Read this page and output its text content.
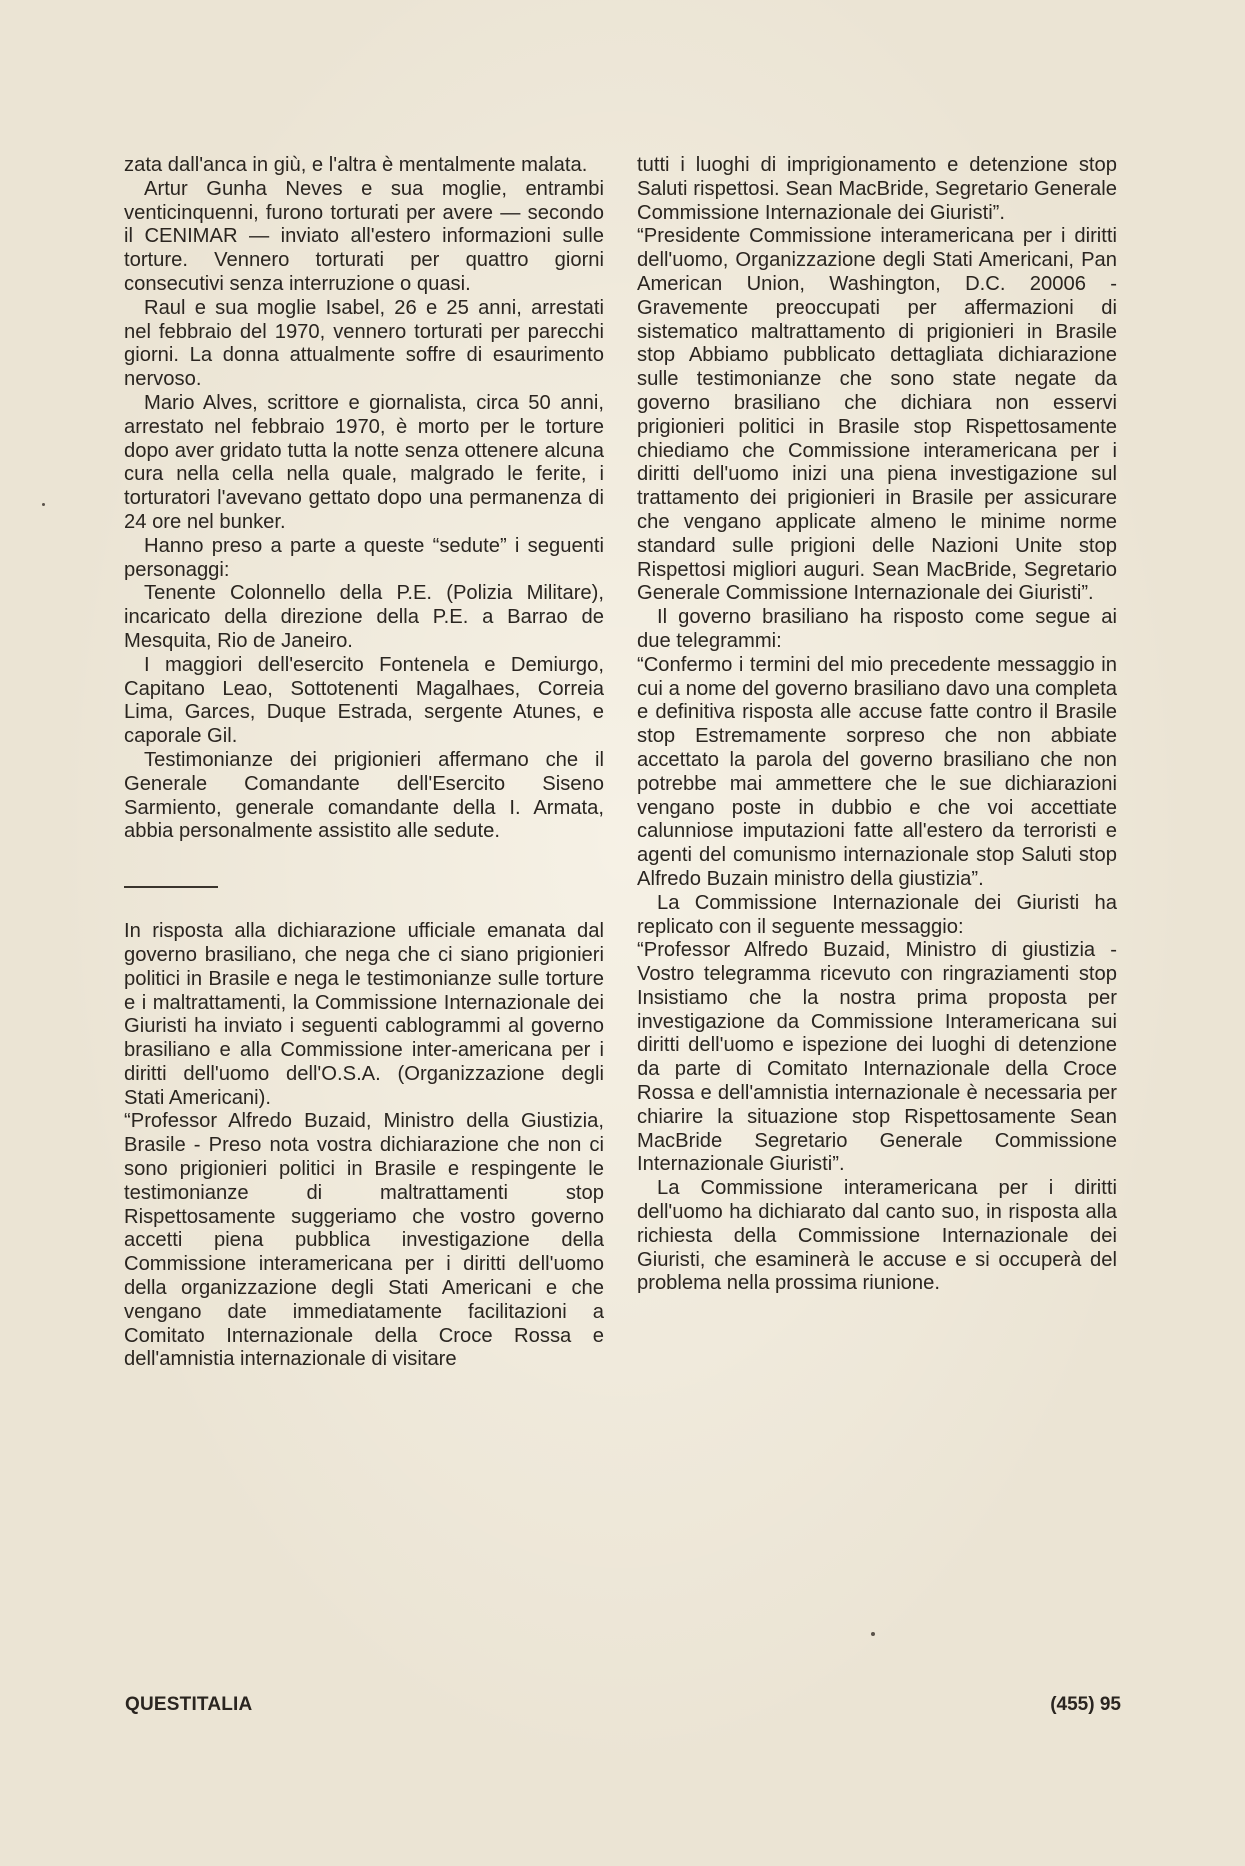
zata dall'anca in giù, e l'altra è mentalmente malata.

Artur Gunha Neves e sua moglie, entrambi venticinquenni, furono torturati per avere — secondo il CENIMAR — inviato all'estero informazioni sulle torture. Vennero torturati per quattro giorni consecutivi senza interruzione o quasi.

Raul e sua moglie Isabel, 26 e 25 anni, arrestati nel febbraio del 1970, vennero torturati per parecchi giorni. La donna attualmente soffre di esaurimento nervoso.

Mario Alves, scrittore e giornalista, circa 50 anni, arrestato nel febbraio 1970, è morto per le torture dopo aver gridato tutta la notte senza ottenere alcuna cura nella cella nella quale, malgrado le ferite, i torturatori l'avevano gettato dopo una permanenza di 24 ore nel bunker.

Hanno preso a parte a queste “sedute” i seguenti personaggi:

Tenente Colonnello della P.E. (Polizia Militare), incaricato della direzione della P.E. a Barrao de Mesquita, Rio de Janeiro.

I maggiori dell'esercito Fontenela e Demiurgo, Capitano Leao, Sottotenenti Magalhaes, Correia Lima, Garces, Duque Estrada, sergente Atunes, e caporale Gil.

Testimonianze dei prigionieri affermano che il Generale Comandante dell'Esercito Siseno Sarmiento, generale comandante della I. Armata, abbia personalmente assistito alle sedute.

In risposta alla dichiarazione ufficiale emanata dal governo brasiliano, che nega che ci siano prigionieri politici in Brasile e nega le testimonianze sulle torture e i maltrattamenti, la Commissione Internazionale dei Giuristi ha inviato i seguenti cablogrammi al governo brasiliano e alla Commissione inter-americana per i diritti dell'uomo dell'O.S.A. (Organizzazione degli Stati Americani).

“Professor Alfredo Buzaid, Ministro della Giustizia, Brasile - Preso nota vostra dichiarazione che non ci sono prigionieri politici in Brasile e respingente le testimonianze di maltrattamenti stop Rispettosamente suggeriamo che vostro governo accetti piena pubblica investigazione della Commissione interamericana per i diritti dell'uomo della organizzazione degli Stati Americani e che vengano date immediatamente facilitazioni a Comitato Internazionale della Croce Rossa e dell'amnistia internazionale di visitare

tutti i luoghi di imprigionamento e detenzione stop Saluti rispettosi. Sean MacBride, Segretario Generale Commissione Internazionale dei Giuristi”.

“Presidente Commissione interamericana per i diritti dell'uomo, Organizzazione degli Stati Americani, Pan American Union, Washington, D.C. 20006 - Gravemente preoccupati per affermazioni di sistematico maltrattamento di prigionieri in Brasile stop Abbiamo pubblicato dettagliata dichiarazione sulle testimonianze che sono state negate da governo brasiliano che dichiara non esservi prigionieri politici in Brasile stop Rispettosamente chiediamo che Commissione interamericana per i diritti dell'uomo inizi una piena investigazione sul trattamento dei prigionieri in Brasile per assicurare che vengano applicate almeno le minime norme standard sulle prigioni delle Nazioni Unite stop Rispettosi migliori auguri. Sean MacBride, Segretario Generale Commissione Internazionale dei Giuristi”.

Il governo brasiliano ha risposto come segue ai due telegrammi:

“Confermo i termini del mio precedente messaggio in cui a nome del governo brasiliano davo una completa e definitiva risposta alle accuse fatte contro il Brasile stop Estremamente sorpreso che non abbiate accettato la parola del governo brasiliano che non potrebbe mai ammettere che le sue dichiarazioni vengano poste in dubbio e che voi accettiate calunniose imputazioni fatte all'estero da terroristi e agenti del comunismo internazionale stop Saluti stop Alfredo Buzain ministro della giustizia”.

La Commissione Internazionale dei Giuristi ha replicato con il seguente messaggio:

“Professor Alfredo Buzaid, Ministro di giustizia - Vostro telegramma ricevuto con ringraziamenti stop Insistiamo che la nostra prima proposta per investigazione da Commissione Interamericana sui diritti dell'uomo e ispezione dei luoghi di detenzione da parte di Comitato Internazionale della Croce Rossa e dell'amnistia internazionale è necessaria per chiarire la situazione stop Rispettosamente Sean MacBride Segretario Generale Commissione Internazionale Giuristi”.

La Commissione interamericana per i diritti dell'uomo ha dichiarato dal canto suo, in risposta alla richiesta della Commissione Internazionale dei Giuristi, che esaminerà le accuse e si occuperà del problema nella prossima riunione.

QUESTITALIA	(455) 95
